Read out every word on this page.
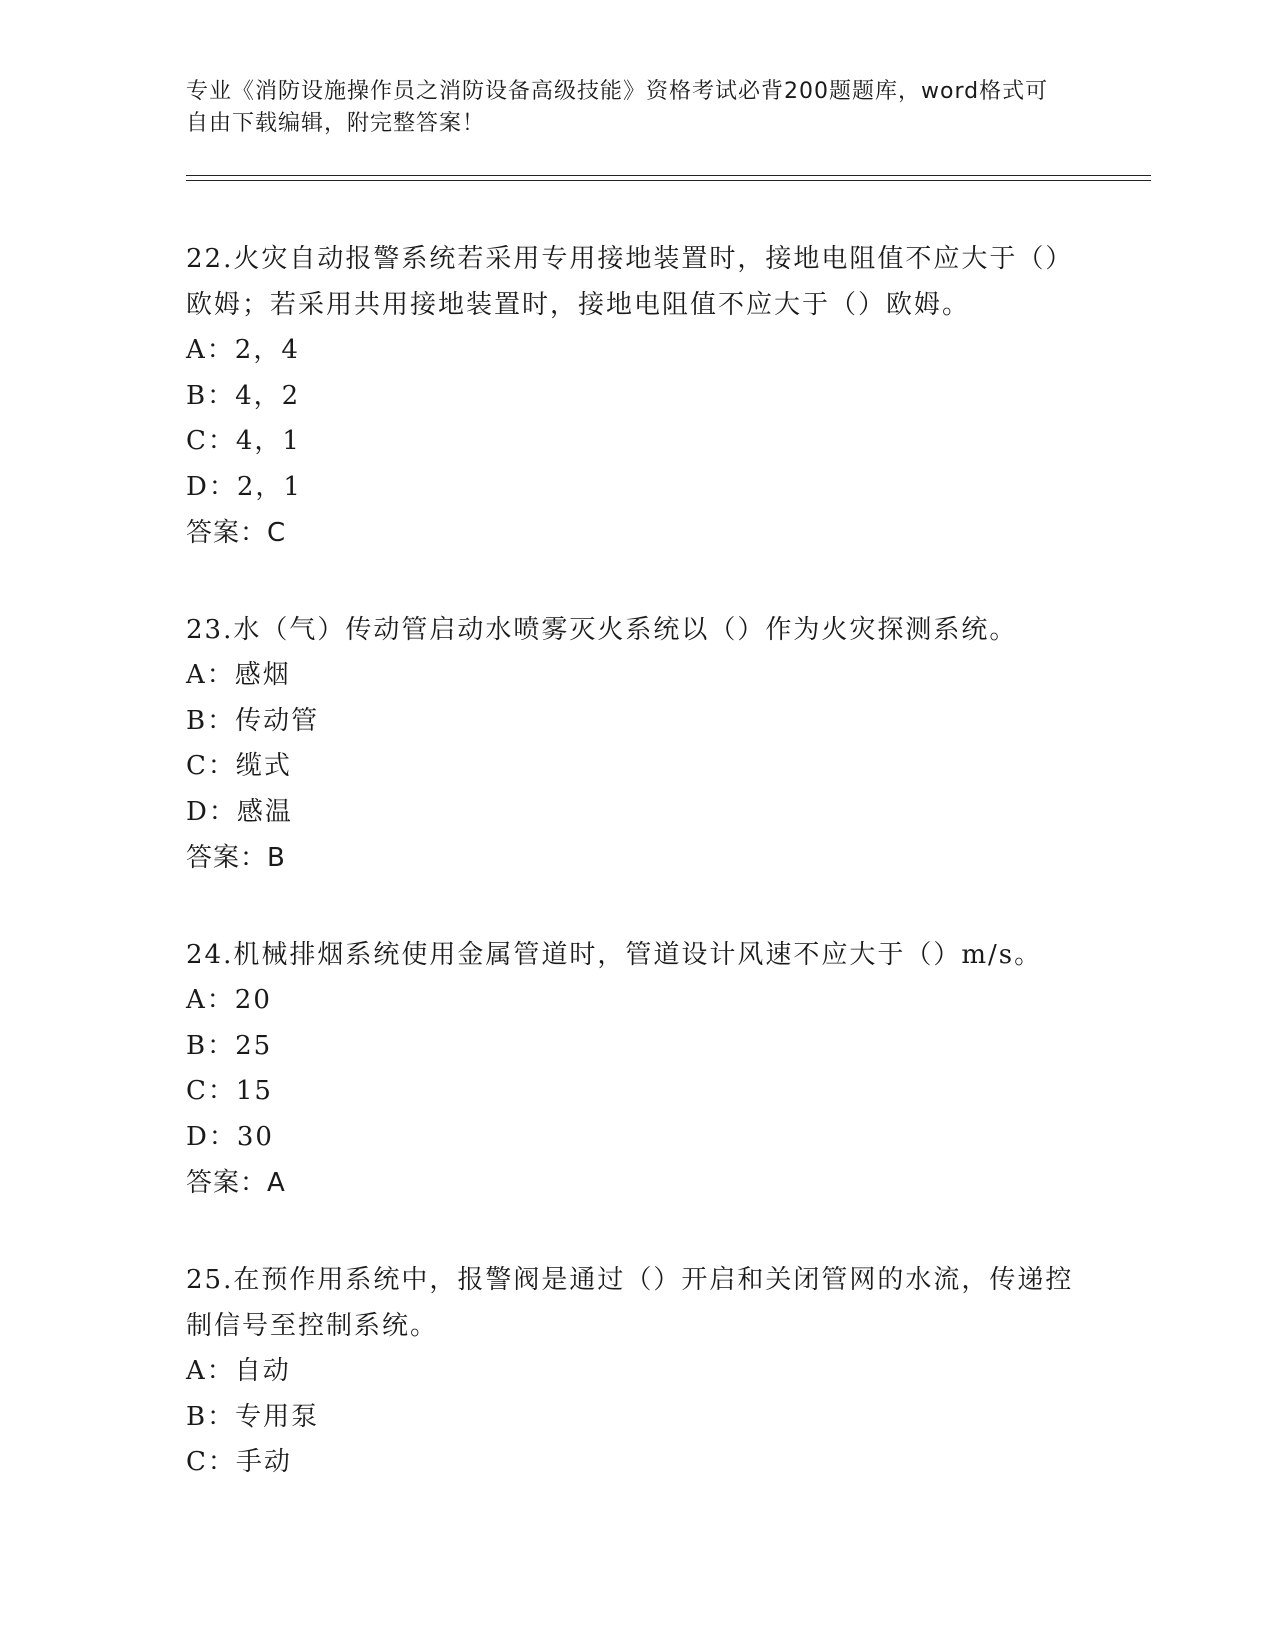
专业《消防设施操作员之消防设备高级技能》资格考试必背200题题库，word格式可自由下载编辑，附完整答案！

22.火灾自动报警系统若采用专用接地装置时，接地电阻值不应大于（）欧姆；若采用共用接地装置时，接地电阻值不应大于（）欧姆。

A：2，4

B：4，2

C：4，1

D：2，1

答案：C

23.水（气）传动管启动水喷雾灭火系统以（）作为火灾探测系统。

A：感烟

B：传动管

C：缆式

D：感温

答案：B

24.机械排烟系统使用金属管道时，管道设计风速不应大于（）m/s。

A：20

B：25

C：15

D：30

答案：A

25.在预作用系统中，报警阀是通过（）开启和关闭管网的水流，传递控制信号至控制系统。

A：自动

B：专用泵

C：手动
